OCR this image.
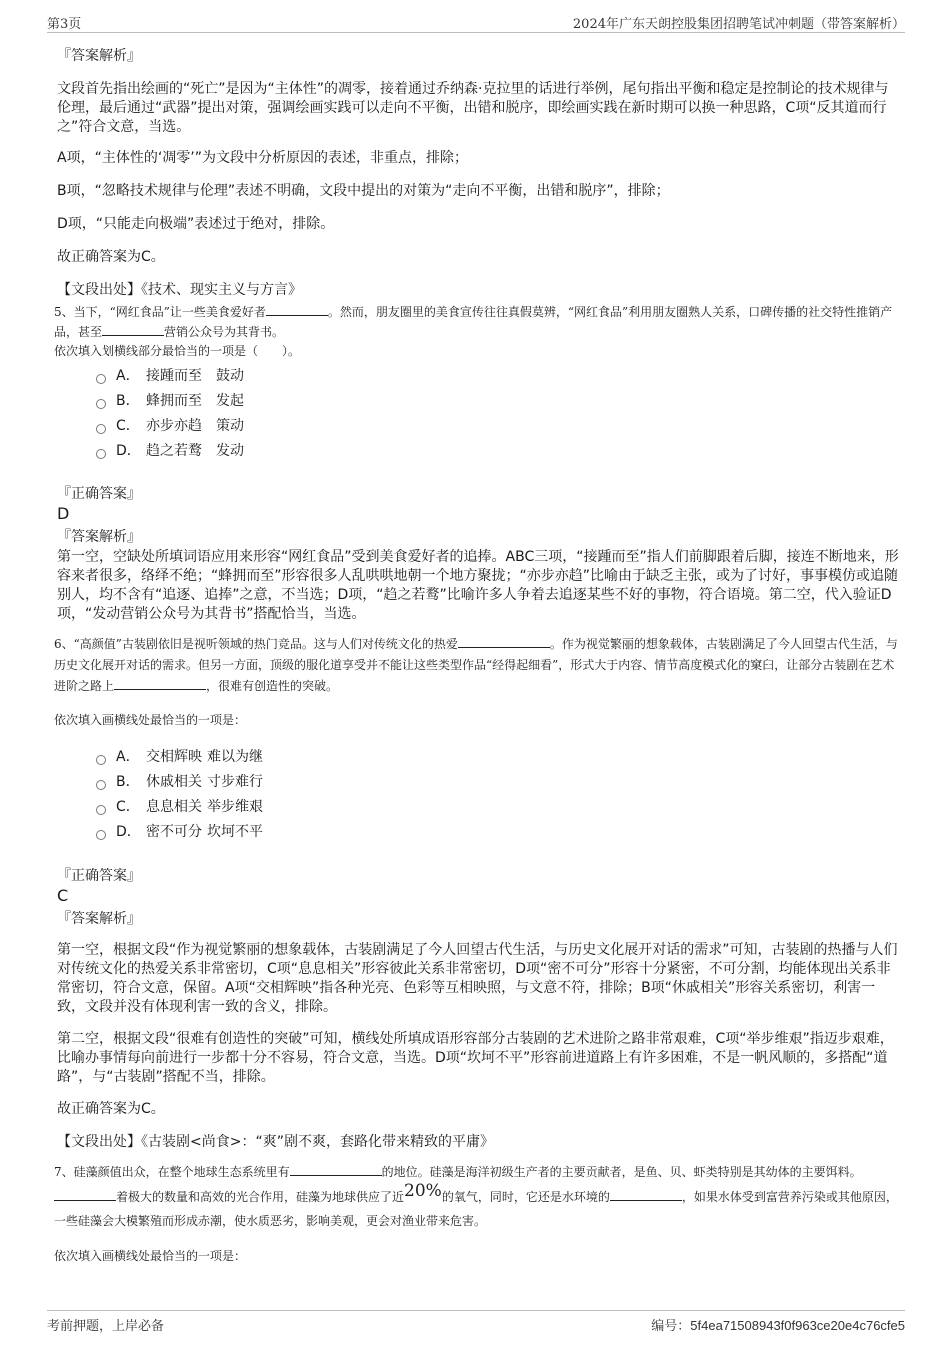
第3页	2024年广东天朗控股集团招聘笔试冲刺题（带答案解析）

『答案解析』

文段首先指出绘画的“死亡”是因为“主体性”的凋零，接着通过乔纳森·克拉里的话进行举例，尾句指出平衡和稳定是控制论的技术规律与伦理，最后通过“武器”提出对策，强调绘画实践可以走向不平衡，出错和脱序，即绘画实践在新时期可以换一种思路，C项“反其道而行之”符合文意，当选。

A项，“主体性的‘凋零’”为文段中分析原因的表述，非重点，排除；

B项，“忽略技术规律与伦理”表述不明确，文段中提出的对策为“走向不平衡，出错和脱序”，排除；

D项，“只能走向极端”表述过于绝对，排除。

故正确答案为C。

【文段出处】《技术、现实主义与方言》

5、当下，“网红食品”让一些美食爱好者	。然而，朋友圈里的美食宣传往往真假莫辨，“网红食品”利用朋友圈熟人关系，口碑传播的社交特性推销产品，甚至	营销公众号为其背书。

依次填入划横线部分最恰当的一项是（　　）。

A． 接踵而至 鼓动
B． 蜂拥而至 发起
C． 亦步亦趋 策动
D． 趋之若鹜 发动

『正确答案』

D

『答案解析』

第一空，空缺处所填词语应用来形容“网红食品”受到美食爱好者的追捧。ABC三项，“接踵而至”指人们前脚跟着后脚，接连不断地来，形容来者很多，络绎不绝；“蜂拥而至”形容很多人乱哄哄地朝一个地方聚拢；“亦步亦趋”比喻由于缺乏主张，或为了讨好，事事模仿或追随别人，均不含有“追逐、追捧”之意，不当选；D项，“趋之若鹜”比喻许多人争着去追逐某些不好的事物，符合语境。第二空，代入验证D项，“发动营销公众号为其背书”搭配恰当，当选。

6、“高颜值”古装剧依旧是视听领域的热门竞品。这与人们对传统文化的热爱	。作为视觉繁丽的想象载体，古装剧满足了今人回望古代生活，与历史文化展开对话的需求。但另一方面，顶级的服化道享受并不能让这些类型作品“经得起细看”，形式大于内容、情节高度模式化的窠臼，让部分古装剧在艺术进阶之路上	，很难有创造性的突破。

依次填入画横线处最恰当的一项是：

A． 交相辉映 难以为继
B． 休戚相关 寸步难行
C． 息息相关 举步维艰
D． 密不可分 坎坷不平

『正确答案』

C

『答案解析』

第一空，根据文段“作为视觉繁丽的想象载体，古装剧满足了今人回望古代生活，与历史文化展开对话的需求”可知，古装剧的热播与人们对传统文化的热爱关系非常密切，C项“息息相关”形容彼此关系非常密切，D项“密不可分”形容十分紧密，不可分割，均能体现出关系非常密切，符合文意，保留。A项“交相辉映”指各种光亮、色彩等互相映照，与文意不符，排除；B项“休戚相关”形容关系密切，利害一致，文段并没有体现利害一致的含义，排除。

第二空，根据文段“很难有创造性的突破”可知，横线处所填成语形容部分古装剧的艺术进阶之路非常艰难，C项“举步维艰”指迈步艰难，比喻办事情每向前进行一步都十分不容易，符合文意，当选。D项“坎坷不平”形容前进道路上有许多困难，不是一帆风顺的，多搭配“道路”，与“古装剧”搭配不当，排除。

故正确答案为C。

【文段出处】《古装剧<尚食>：“爽”剧不爽，套路化带来精致的平庸》

7、硅藻颜值出众，在整个地球生态系统里有	的地位。硅藻是海洋初级生产者的主要贡献者，是鱼、贝、虾类特别是其幼体的主要饵料。着极大的数量和高效的光合作用，硅藻为地球供应了近20%的氧气，同时，它还是水环境的	，如果水体受到富营养污染或其他原因，一些硅藻会大模繁殖而形成赤潮，使水质恶劣，影响美观，更会对渔业带来危害。

依次填入画横线处最恰当的一项是：

考前押题，上岸必备	编号：5f4ea71508943f0f963ce20e4c76cfe5
